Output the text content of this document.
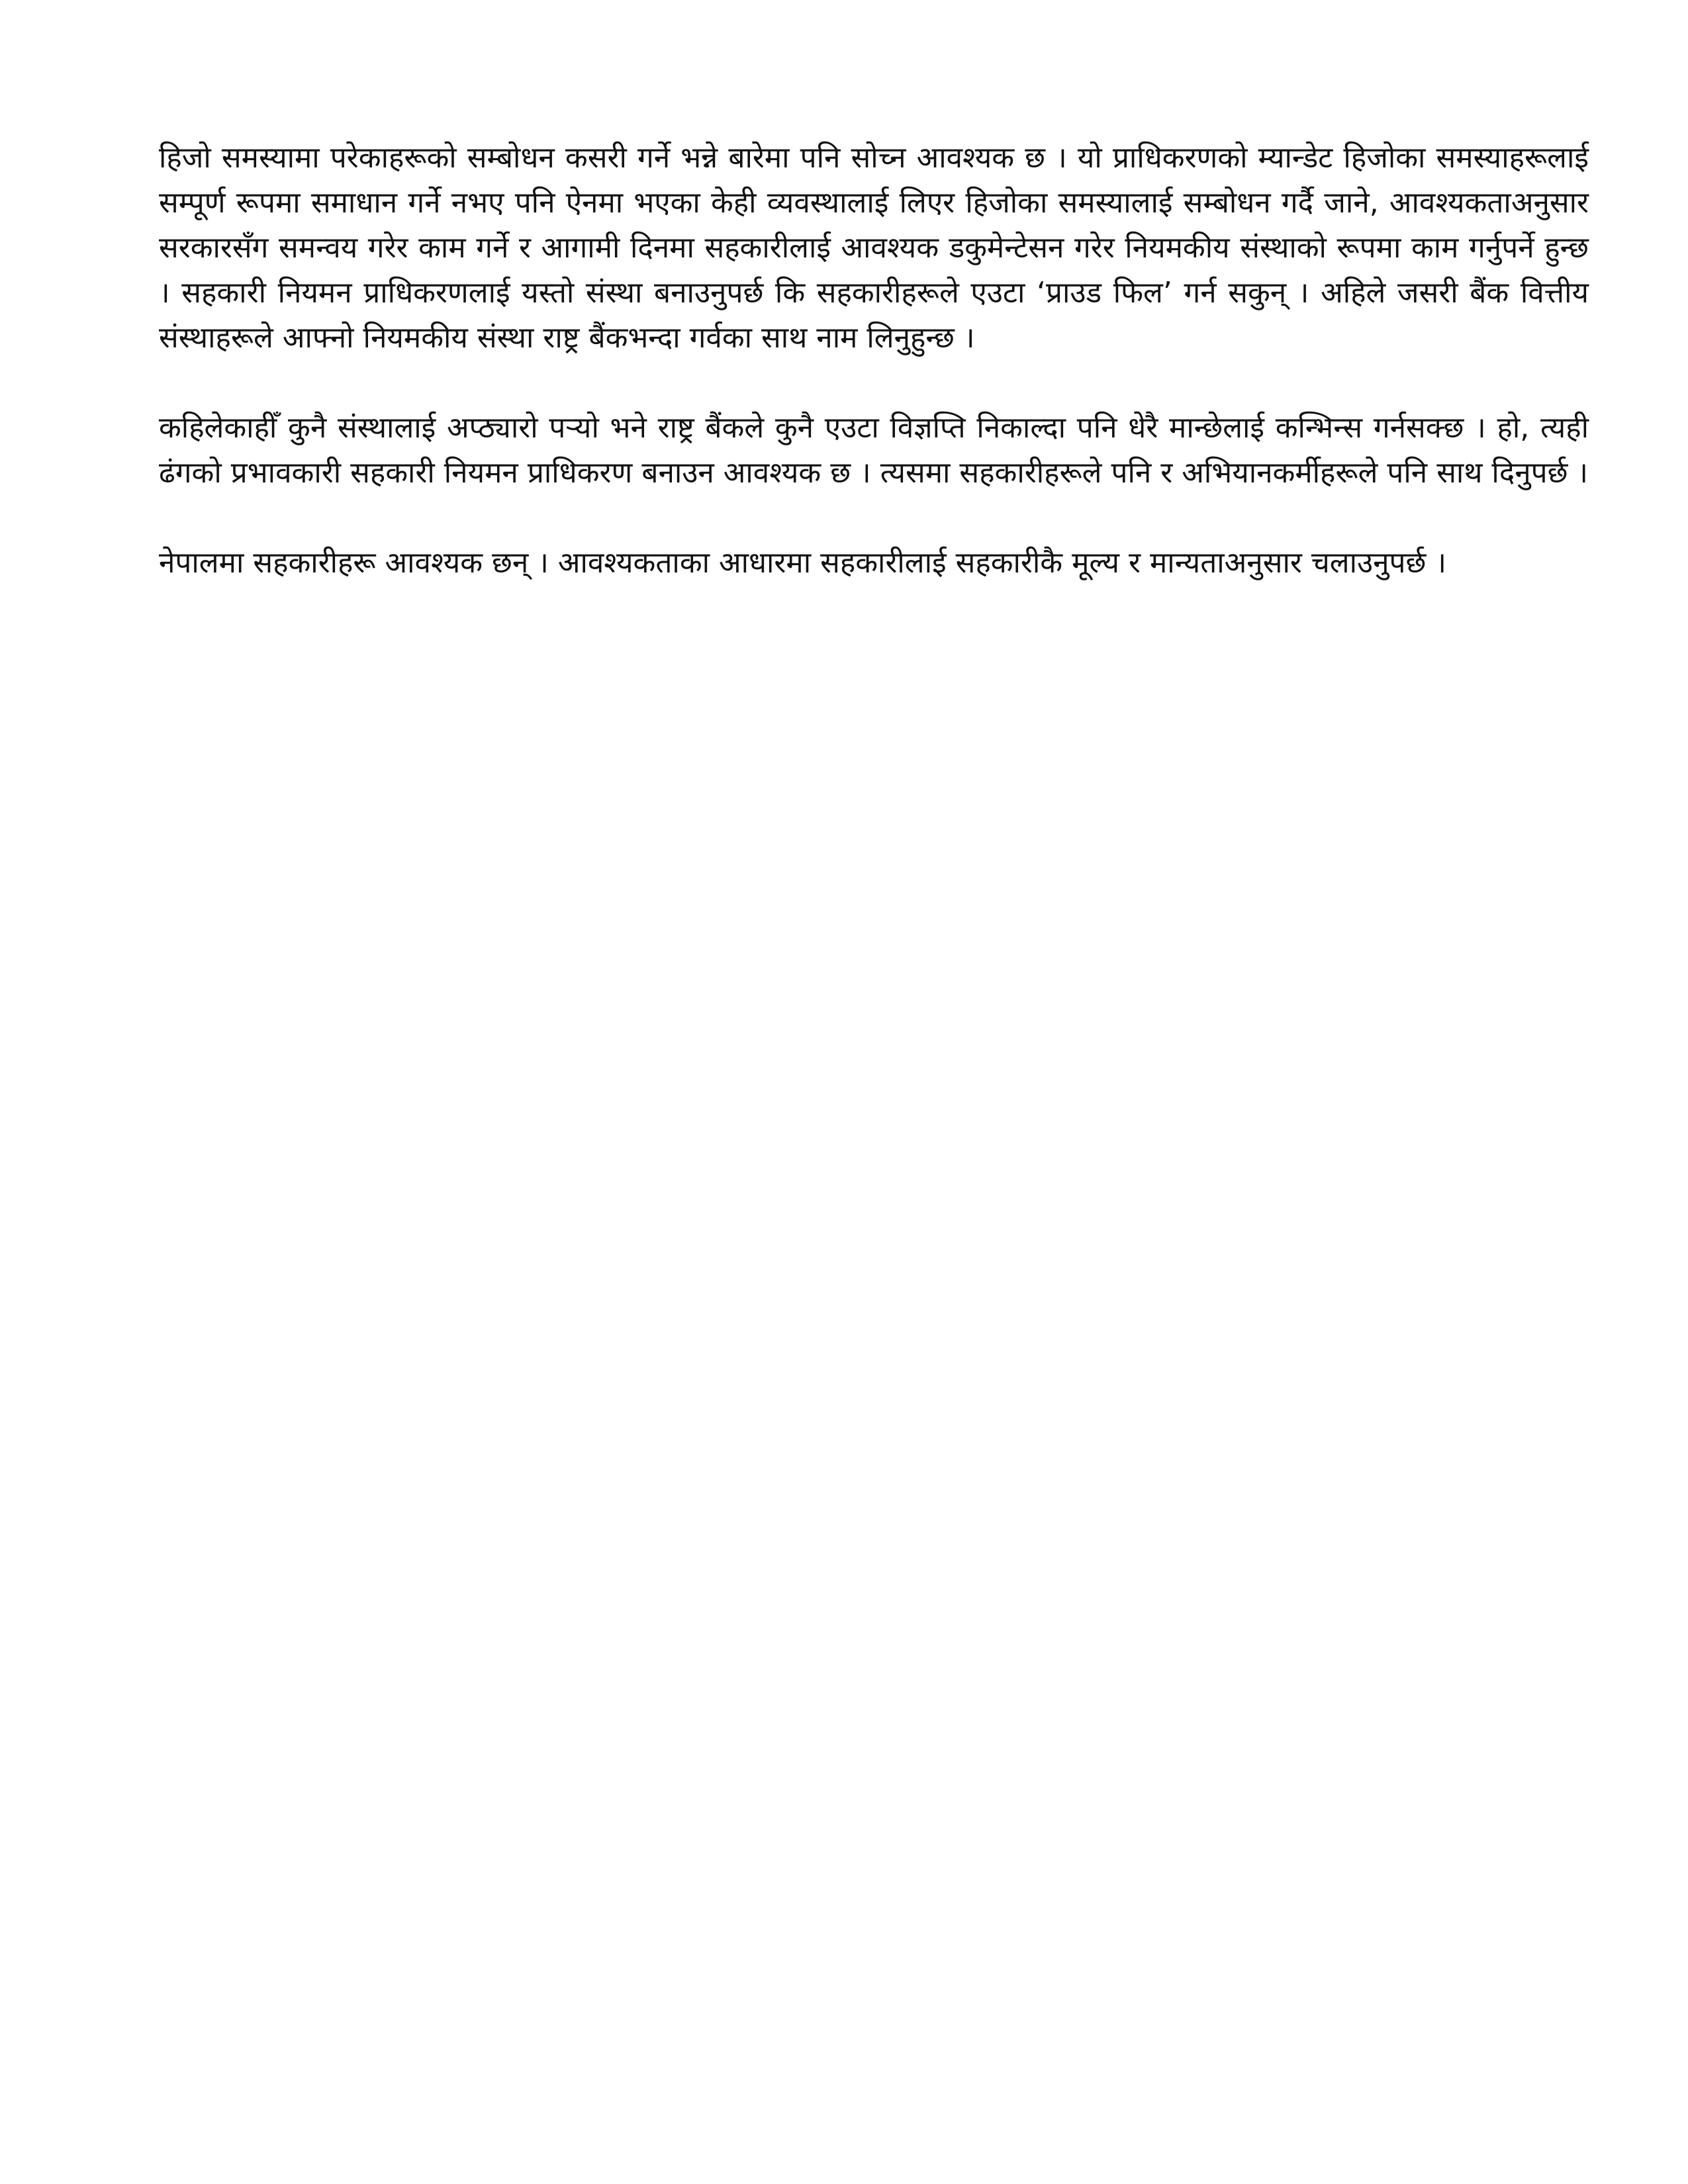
हिजो समस्यामा परेकाहरूको सम्बोधन कसरी गर्ने भन्ने बारेमा पनि सोच्न आवश्यक छ । यो प्राधिकरणको म्यान्डेट हिजोका समस्याहरूलाई सम्पूर्ण रूपमा समाधान गर्ने नभए पनि ऐनमा भएका केही व्यवस्थालाई लिएर हिजोका समस्यालाई सम्बोधन गर्दै जाने, आवश्यकताअनुसार सरकारसँग समन्वय गरेर काम गर्ने र आगामी दिनमा सहकारीलाई आवश्यक डकुमेन्टेसन गरेर नियमकीय संस्थाको रूपमा काम गर्नुपर्ने हुन्छ । सहकारी नियमन प्राधिकरणलाई यस्तो संस्था बनाउनुपर्छ कि सहकारीहरूले एउटा ‘प्राउड फिल’ गर्न सकुन् । अहिले जसरी बैंक वित्तीय संस्थाहरूले आफ्नो नियमकीय संस्था राष्ट्र बैंकभन्दा गर्वका साथ नाम लिनुहुन्छ ।

कहिलेकाहीँ कुनै संस्थालाई अप्ठ्यारो पर्‍यो भने राष्ट्र बैंकले कुनै एउटा विज्ञप्ति निकाल्दा पनि धेरै मान्छेलाई कन्भिन्स गर्नसक्छ । हो, त्यही ढंगको प्रभावकारी सहकारी नियमन प्राधिकरण बनाउन आवश्यक छ । त्यसमा सहकारीहरूले पनि र अभियानकर्मीहरूले पनि साथ दिनुपर्छ ।

नेपालमा सहकारीहरू आवश्यक छन् । आवश्यकताका आधारमा सहकारीलाई सहकारीकै मूल्य र मान्यताअनुसार चलाउनुपर्छ ।
